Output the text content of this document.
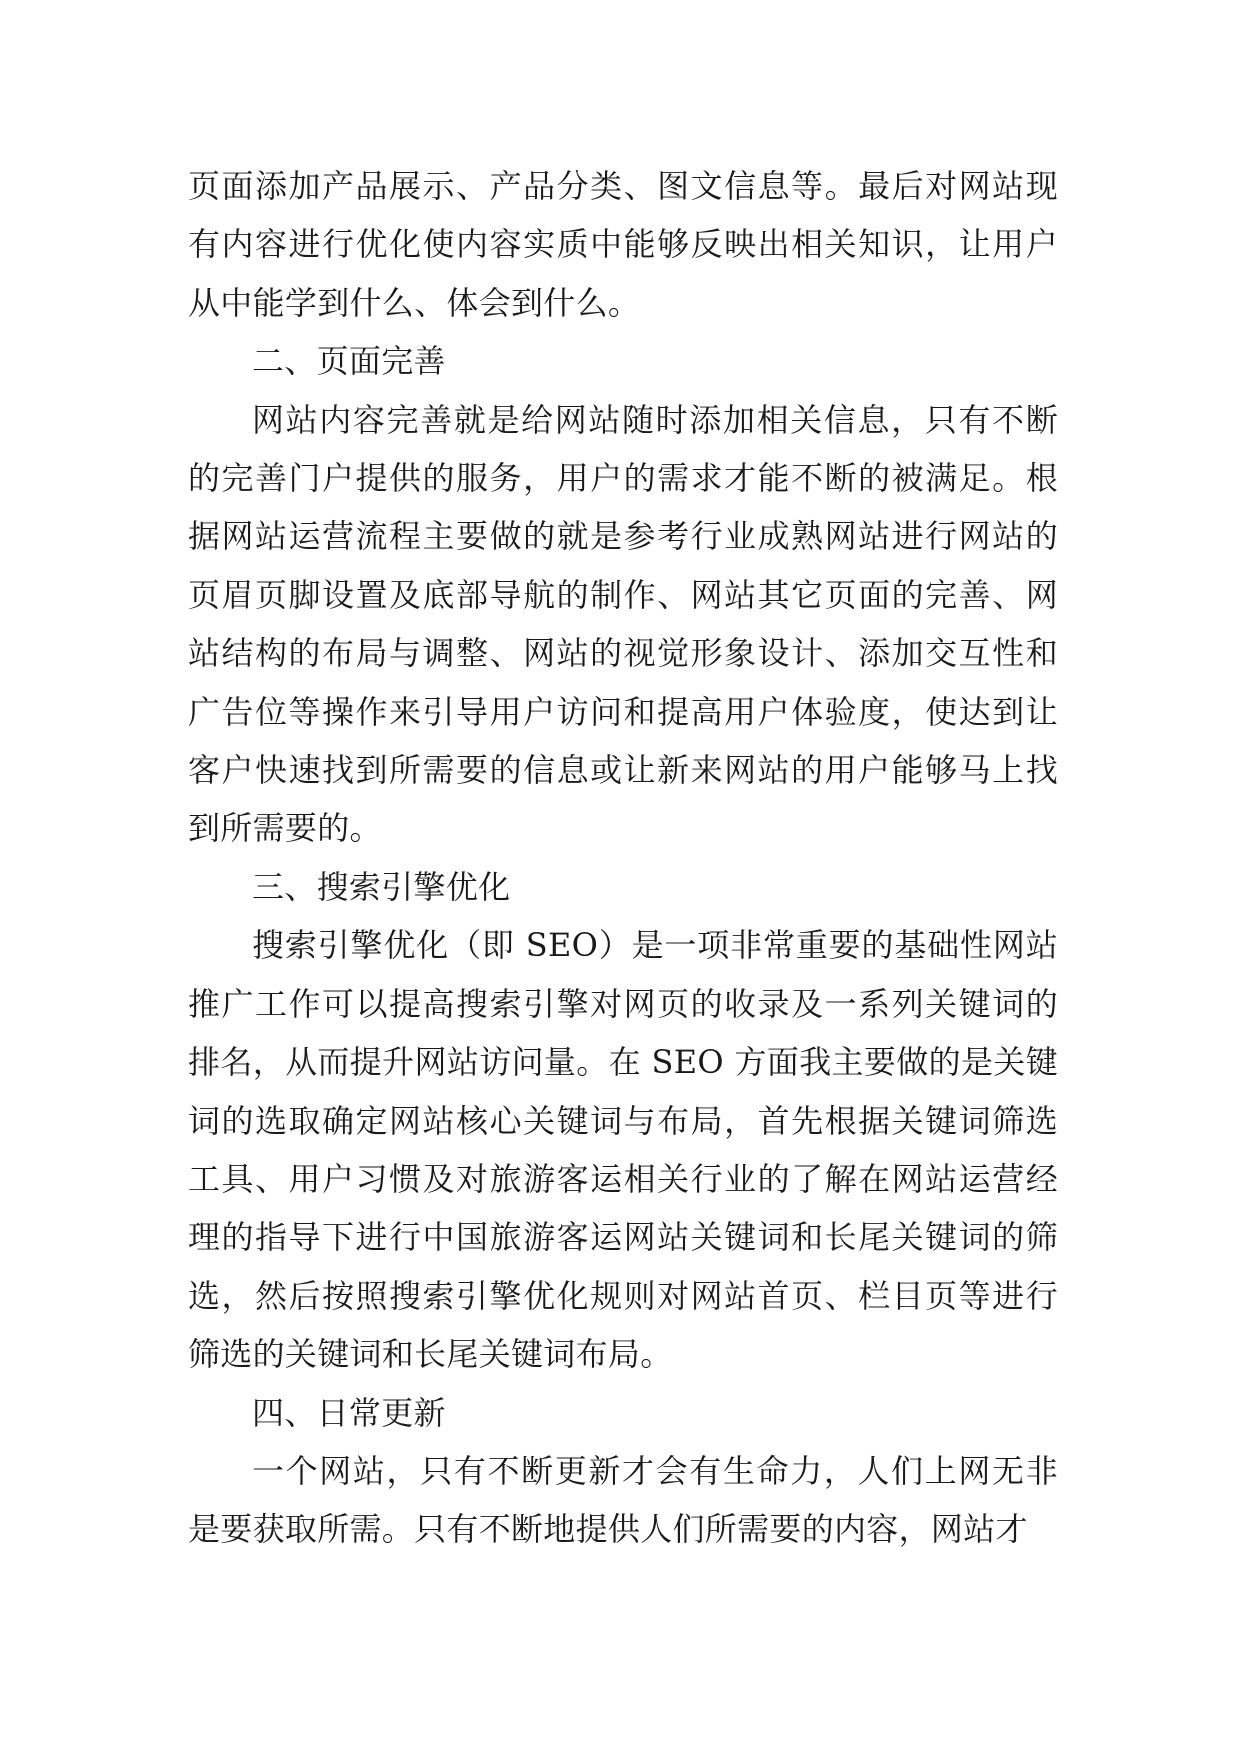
页面添加产品展示、产品分类、图文信息等。最后对网站现有内容进行优化使内容实质中能够反映出相关知识，让用户从中能学到什么、体会到什么。

二、页面完善

网站内容完善就是给网站随时添加相关信息，只有不断的完善门户提供的服务，用户的需求才能不断的被满足。根据网站运营流程主要做的就是参考行业成熟网站进行网站的页眉页脚设置及底部导航的制作、网站其它页面的完善、网站结构的布局与调整、网站的视觉形象设计、添加交互性和广告位等操作来引导用户访问和提高用户体验度，使达到让客户快速找到所需要的信息或让新来网站的用户能够马上找到所需要的。

三、搜索引擎优化

搜索引擎优化（即 SEO）是一项非常重要的基础性网站推广工作可以提高搜索引擎对网页的收录及一系列关键词的排名，从而提升网站访问量。在 SEO 方面我主要做的是关键词的选取确定网站核心关键词与布局，首先根据关键词筛选工具、用户习惯及对旅游客运相关行业的了解在网站运营经理的指导下进行中国旅游客运网站关键词和长尾关键词的筛选，然后按照搜索引擎优化规则对网站首页、栏目页等进行筛选的关键词和长尾关键词布局。

四、日常更新

一个网站，只有不断更新才会有生命力，人们上网无非是要获取所需。只有不断地提供人们所需要的内容，网站才
